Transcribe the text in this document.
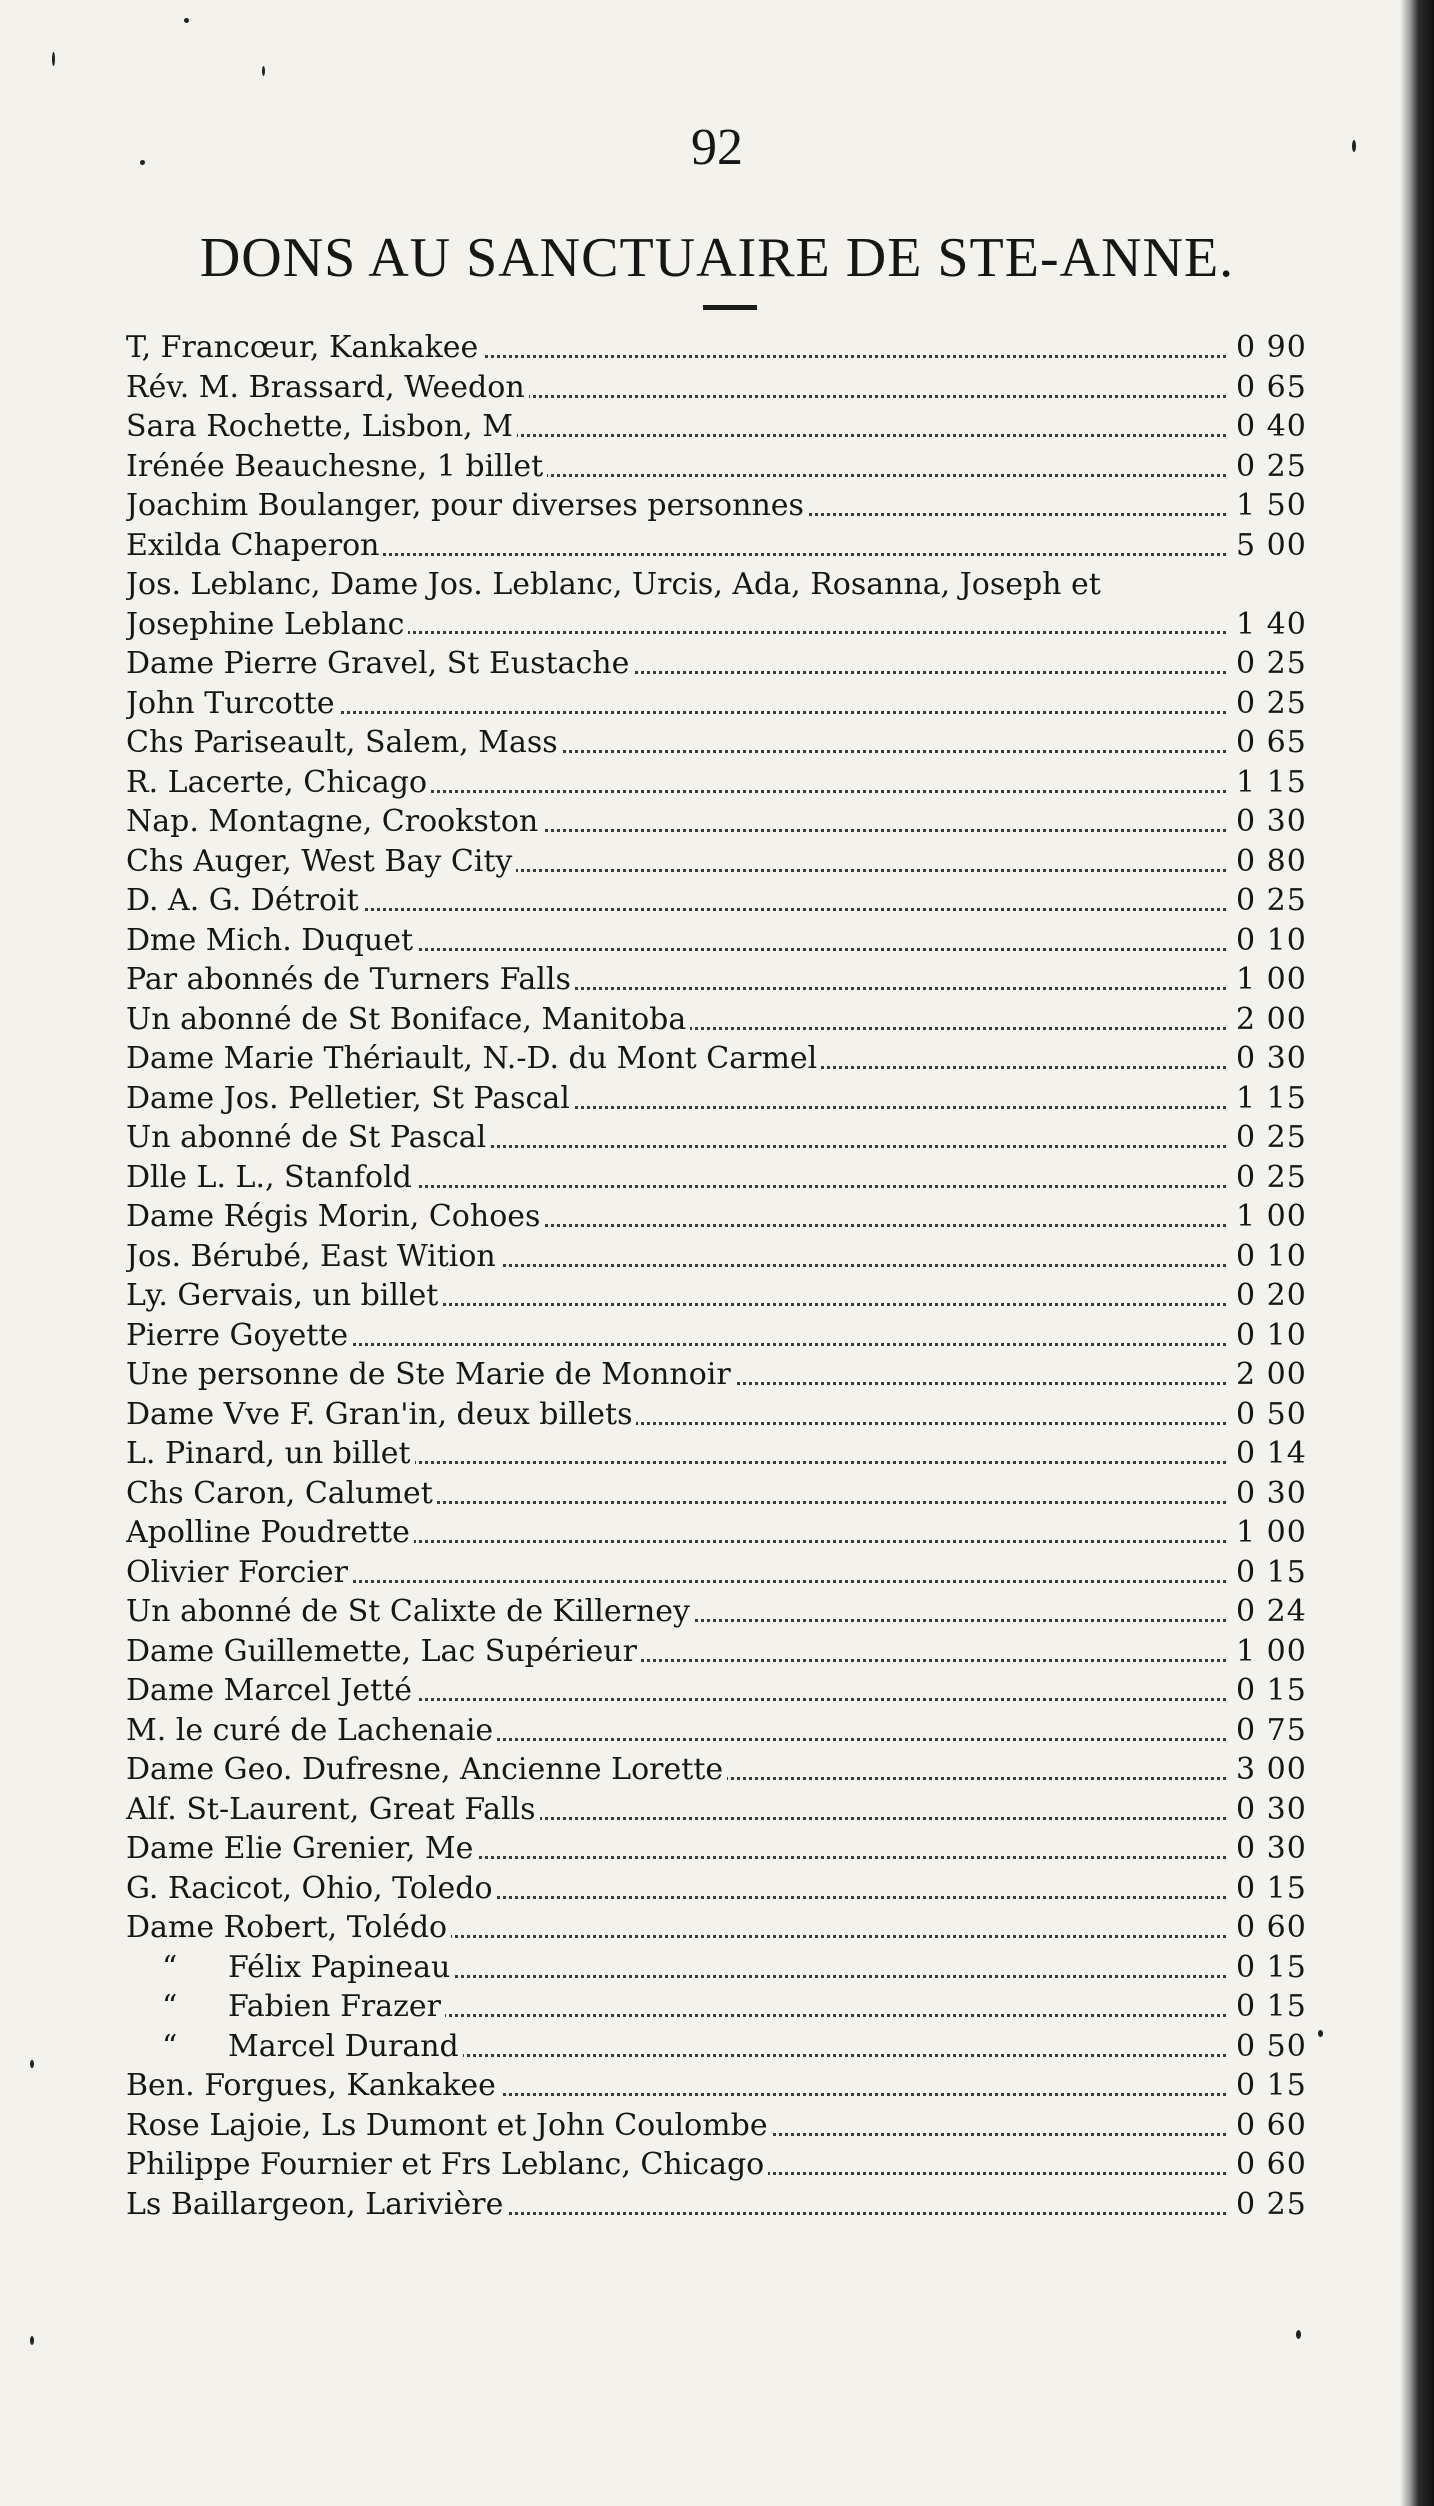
92
DONS AU SANCTUAIRE DE STE-ANNE.
T, Francœur, Kankakee	0 90
Rév. M. Brassard, Weedon	0 65
Sara Rochette, Lisbon, M	0 40
Irénée Beauchesne, 1 billet	0 25
Joachim Boulanger, pour diverses personnes	1 50
Exilda Chaperon	5 00
Jos. Leblanc, Dame Jos. Leblanc, Urcis, Ada, Rosanna, Joseph et Josephine Leblanc	1 40
Dame Pierre Gravel, St Eustache	0 25
John Turcotte	0 25
Chs Pariseault, Salem, Mass	0 65
R. Lacerte, Chicago	1 15
Nap. Montagne, Crookston	0 30
Chs Auger, West Bay City	0 80
D. A. G. Détroit	0 25
Dme Mich. Duquet	0 10
Par abonnés de Turners Falls	1 00
Un abonné de St Boniface, Manitoba	2 00
Dame Marie Thériault, N.-D. du Mont Carmel	0 30
Dame Jos. Pelletier, St Pascal	1 15
Un abonné de St Pascal	0 25
Dlle L. L., Stanfold	0 25
Dame Régis Morin, Cohoes	1 00
Jos. Bérubé, East Wition	0 10
Ly. Gervais, un billet	0 20
Pierre Goyette	0 10
Une personne de Ste Marie de Monnoir	2 00
Dame Vve F. Gran'in, deux billets	0 50
L. Pinard, un billet	0 14
Chs Caron, Calumet	0 30
Apolline Poudrette	1 00
Olivier Forcier	0 15
Un abonné de St Calixte de Killerney	0 24
Dame Guillemette, Lac Supérieur	1 00
Dame Marcel Jetté	0 15
M. le curé de Lachenaie	0 75
Dame Geo. Dufresne, Ancienne Lorette	3 00
Alf. St-Laurent, Great Falls	0 30
Dame Elie Grenier, Me	0 30
G. Racicot, Ohio, Toledo	0 15
Dame Robert, Tolédo	0 60
“ Félix Papineau	0 15
“ Fabien Frazer	0 15
“ Marcel Durand	0 50
Ben. Forgues, Kankakee	0 15
Rose Lajoie, Ls Dumont et John Coulombe	0 60
Philippe Fournier et Frs Leblanc, Chicago	0 60
Ls Baillargeon, Larivière	0 25
